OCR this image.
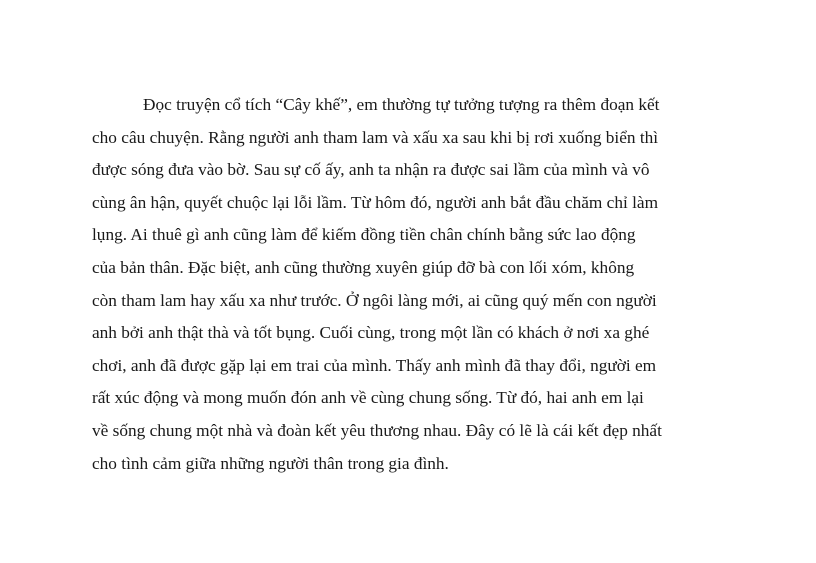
Đọc truyện cổ tích “Cây khế”, em thường tự tưởng tượng ra thêm đoạn kết
cho câu chuyện. Rằng người anh tham lam và xấu xa sau khi bị rơi xuống biển thì
được sóng đưa vào bờ. Sau sự cố ấy, anh ta nhận ra được sai lầm của mình và vô
cùng ân hận, quyết chuộc lại lỗi lầm. Từ hôm đó, người anh bắt đầu chăm chỉ làm
lụng. Ai thuê gì anh cũng làm để kiếm đồng tiền chân chính bằng sức lao động
của bản thân. Đặc biệt, anh cũng thường xuyên giúp đỡ bà con lối xóm, không
còn tham lam hay xấu xa như trước. Ở ngôi làng mới, ai cũng quý mến con người
anh bởi anh thật thà và tốt bụng. Cuối cùng, trong một lần có khách ở nơi xa ghé
chơi, anh đã được gặp lại em trai của mình. Thấy anh mình đã thay đổi, người em
rất xúc động và mong muốn đón anh về cùng chung sống. Từ đó, hai anh em lại
về sống chung một nhà và đoàn kết yêu thương nhau. Đây có lẽ là cái kết đẹp nhất
cho tình cảm giữa những người thân trong gia đình.
